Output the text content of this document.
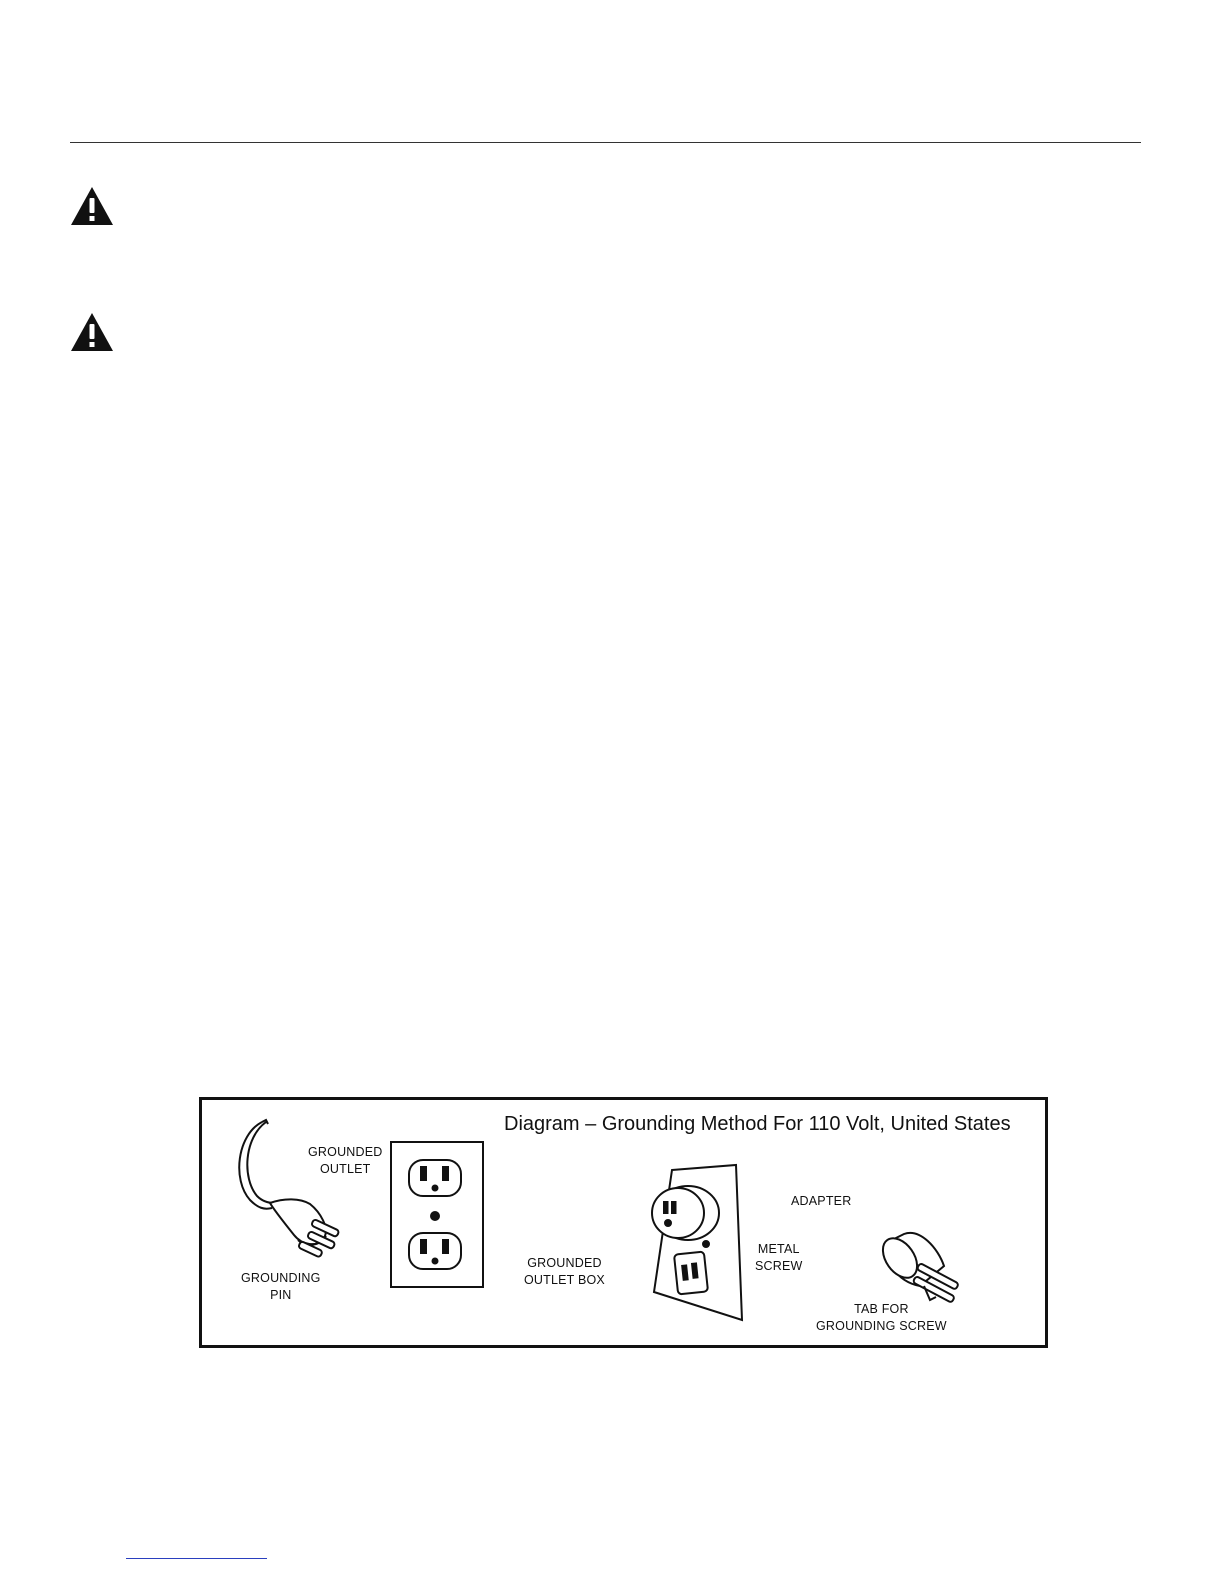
Diagram – Grounding Method For 110 Volt, United States
GROUNDED
OUTLET
GROUNDING
PIN
GROUNDED
OUTLET BOX
ADAPTER
METAL
SCREW
TAB FOR
GROUNDING SCREW
